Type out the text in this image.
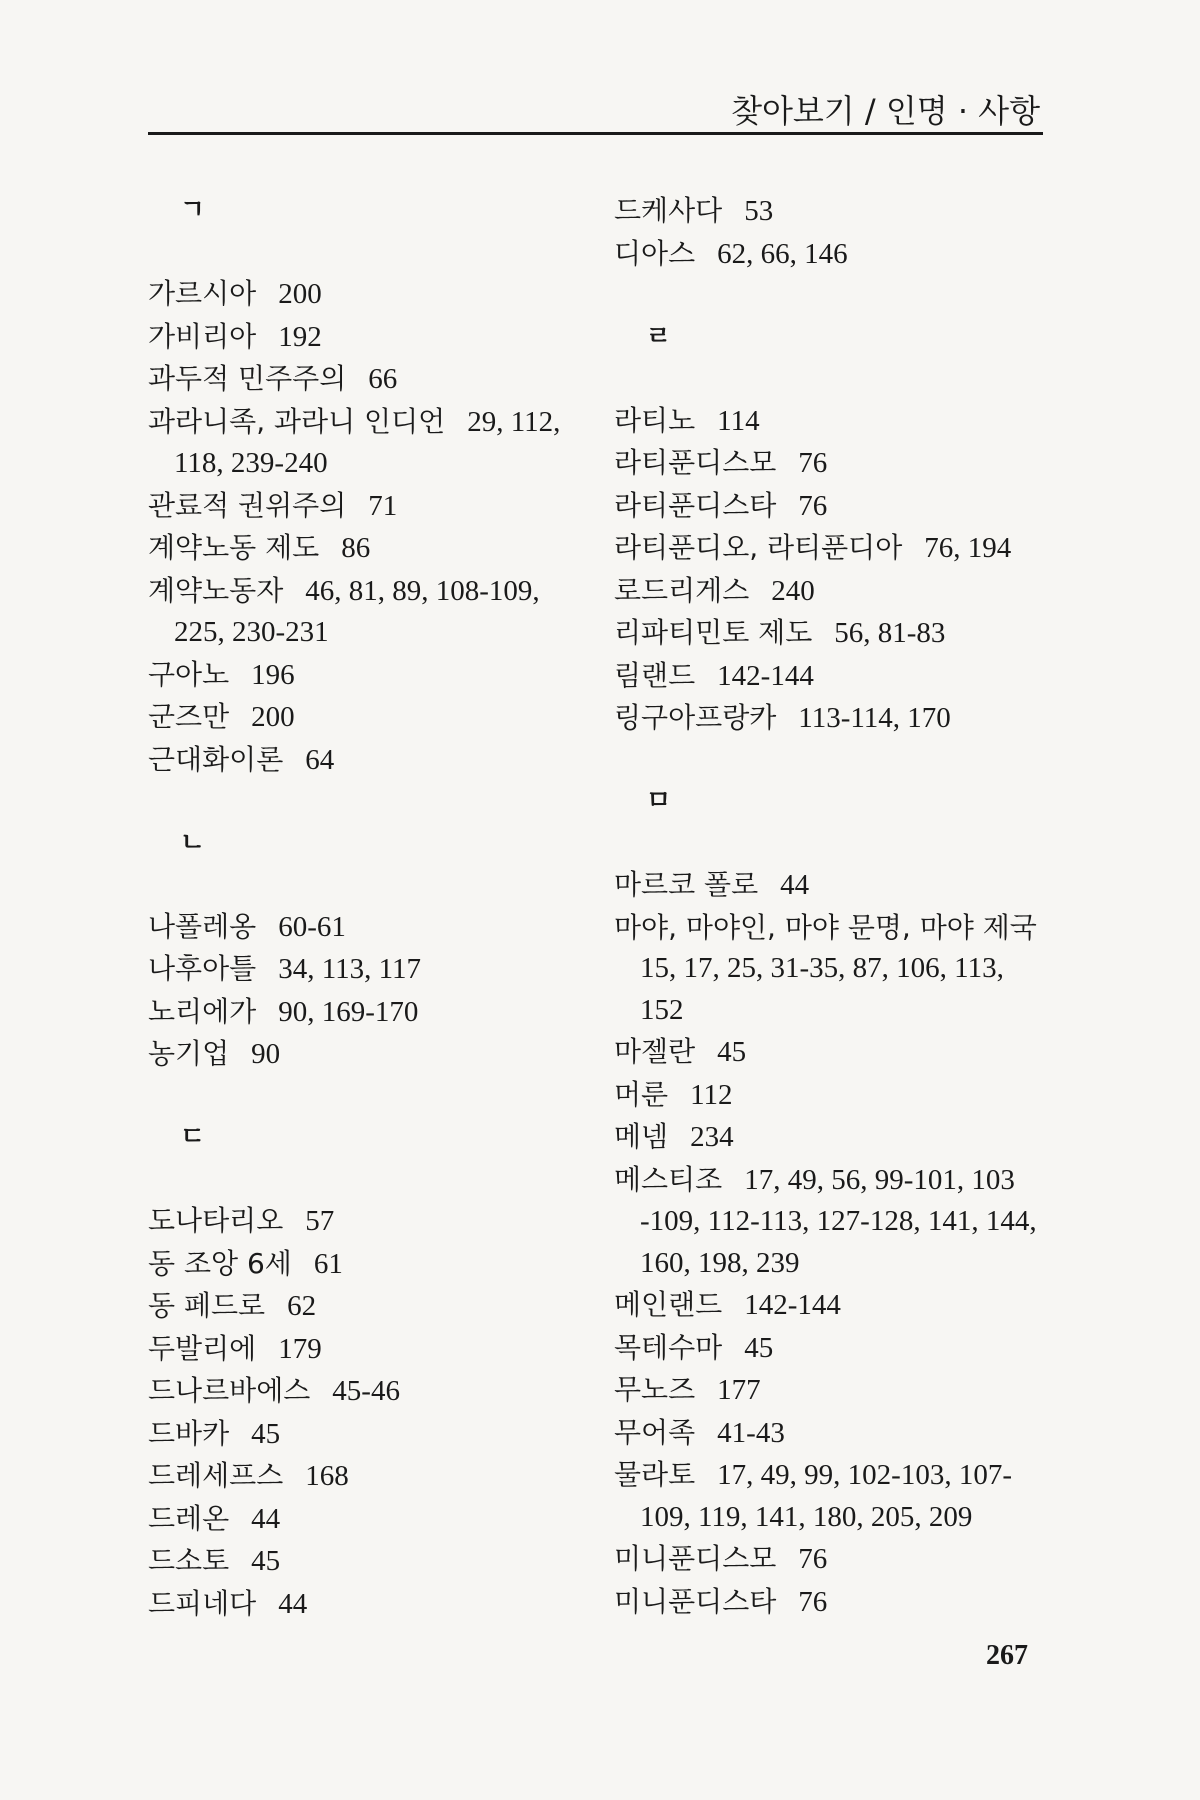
찾아보기 / 인명 · 사항
ㄱ
가르시아 200
가비리아 192
과두적 민주주의 66
과라니족, 과라니 인디언 29, 112,
118, 239-240
관료적 권위주의 71
계약노동 제도 86
계약노동자 46, 81, 89, 108-109,
225, 230-231
구아노 196
군즈만 200
근대화이론 64
ㄴ
나폴레옹 60-61
나후아틀 34, 113, 117
노리에가 90, 169-170
농기업 90
ㄷ
도나타리오 57
동 조앙 6세 61
동 페드로 62
두발리에 179
드나르바에스 45-46
드바카 45
드레세프스 168
드레온 44
드소토 45
드피네다 44
드케사다 53
디아스 62, 66, 146
ㄹ
라티노 114
라티푼디스모 76
라티푼디스타 76
라티푼디오, 라티푼디아 76, 194
로드리게스 240
리파티민토 제도 56, 81-83
림랜드 142-144
링구아프랑카 113-114, 170
ㅁ
마르코 폴로 44
마야, 마야인, 마야 문명, 마야 제국
15, 17, 25, 31-35, 87, 106, 113, 152
마젤란 45
머룬 112
메넴 234
메스티조 17, 49, 56, 99-101, 103
-109, 112-113, 127-128, 141, 144, 160, 198, 239
메인랜드 142-144
목테수마 45
무노즈 177
무어족 41-43
물라토 17, 49, 99, 102-103, 107-
109, 119, 141, 180, 205, 209
미니푼디스모 76
미니푼디스타 76
267
